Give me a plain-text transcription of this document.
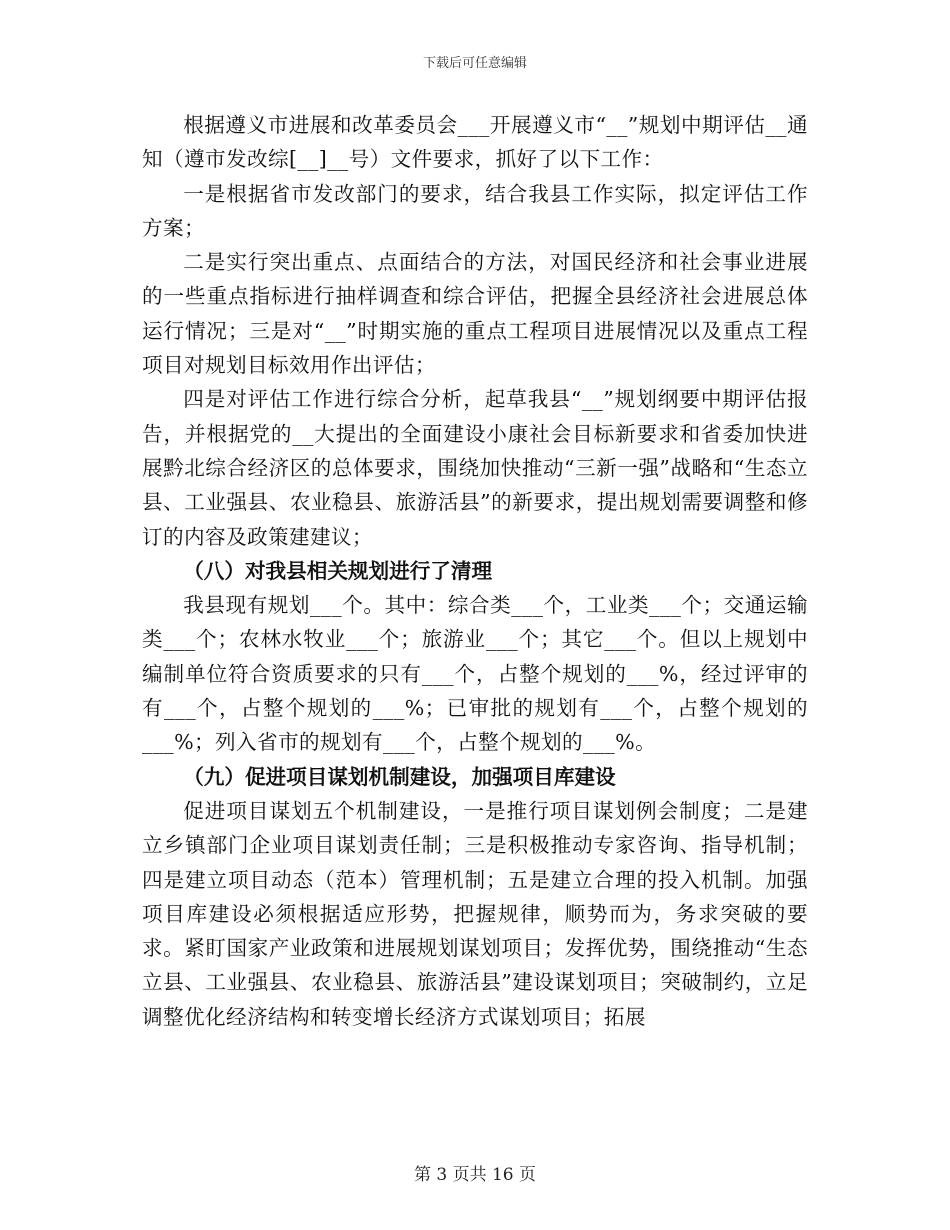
下载后可任意编辑

根据遵义市进展和改革委员会___开展遵义市“__”规划中期评估__通知（遵市发改综[__]__号）文件要求，抓好了以下工作：

一是根据省市发改部门的要求，结合我县工作实际，拟定评估工作方案；

二是实行突出重点、点面结合的方法，对国民经济和社会事业进展的一些重点指标进行抽样调查和综合评估，把握全县经济社会进展总体运行情况；三是对“__”时期实施的重点工程项目进展情况以及重点工程项目对规划目标效用作出评估；

四是对评估工作进行综合分析，起草我县“__”规划纲要中期评估报告，并根据党的__大提出的全面建设小康社会目标新要求和省委加快进展黔北综合经济区的总体要求，围绕加快推动“三新一强”战略和“生态立县、工业强县、农业稳县、旅游活县”的新要求，提出规划需要调整和修订的内容及政策建建议；

（八）对我县相关规划进行了清理

我县现有规划___个。其中：综合类___个，工业类___个；交通运输类___个；农林水牧业___个；旅游业___个；其它___个。但以上规划中编制单位符合资质要求的只有___个，占整个规划的___%，经过评审的有___个，占整个规划的___%；已审批的规划有___个，占整个规划的___%；列入省市的规划有___个，占整个规划的___%。

（九）促进项目谋划机制建设，加强项目库建设

促进项目谋划五个机制建设，一是推行项目谋划例会制度；二是建立乡镇部门企业项目谋划责任制；三是积极推动专家咨询、指导机制；四是建立项目动态（范本）管理机制；五是建立合理的投入机制。加强项目库建设必须根据适应形势，把握规律，顺势而为，务求突破的要求。紧盯国家产业政策和进展规划谋划项目；发挥优势，围绕推动“生态立县、工业强县、农业稳县、旅游活县”建设谋划项目；突破制约，立足调整优化经济结构和转变增长经济方式谋划项目；拓展

第 3 页共 16 页
